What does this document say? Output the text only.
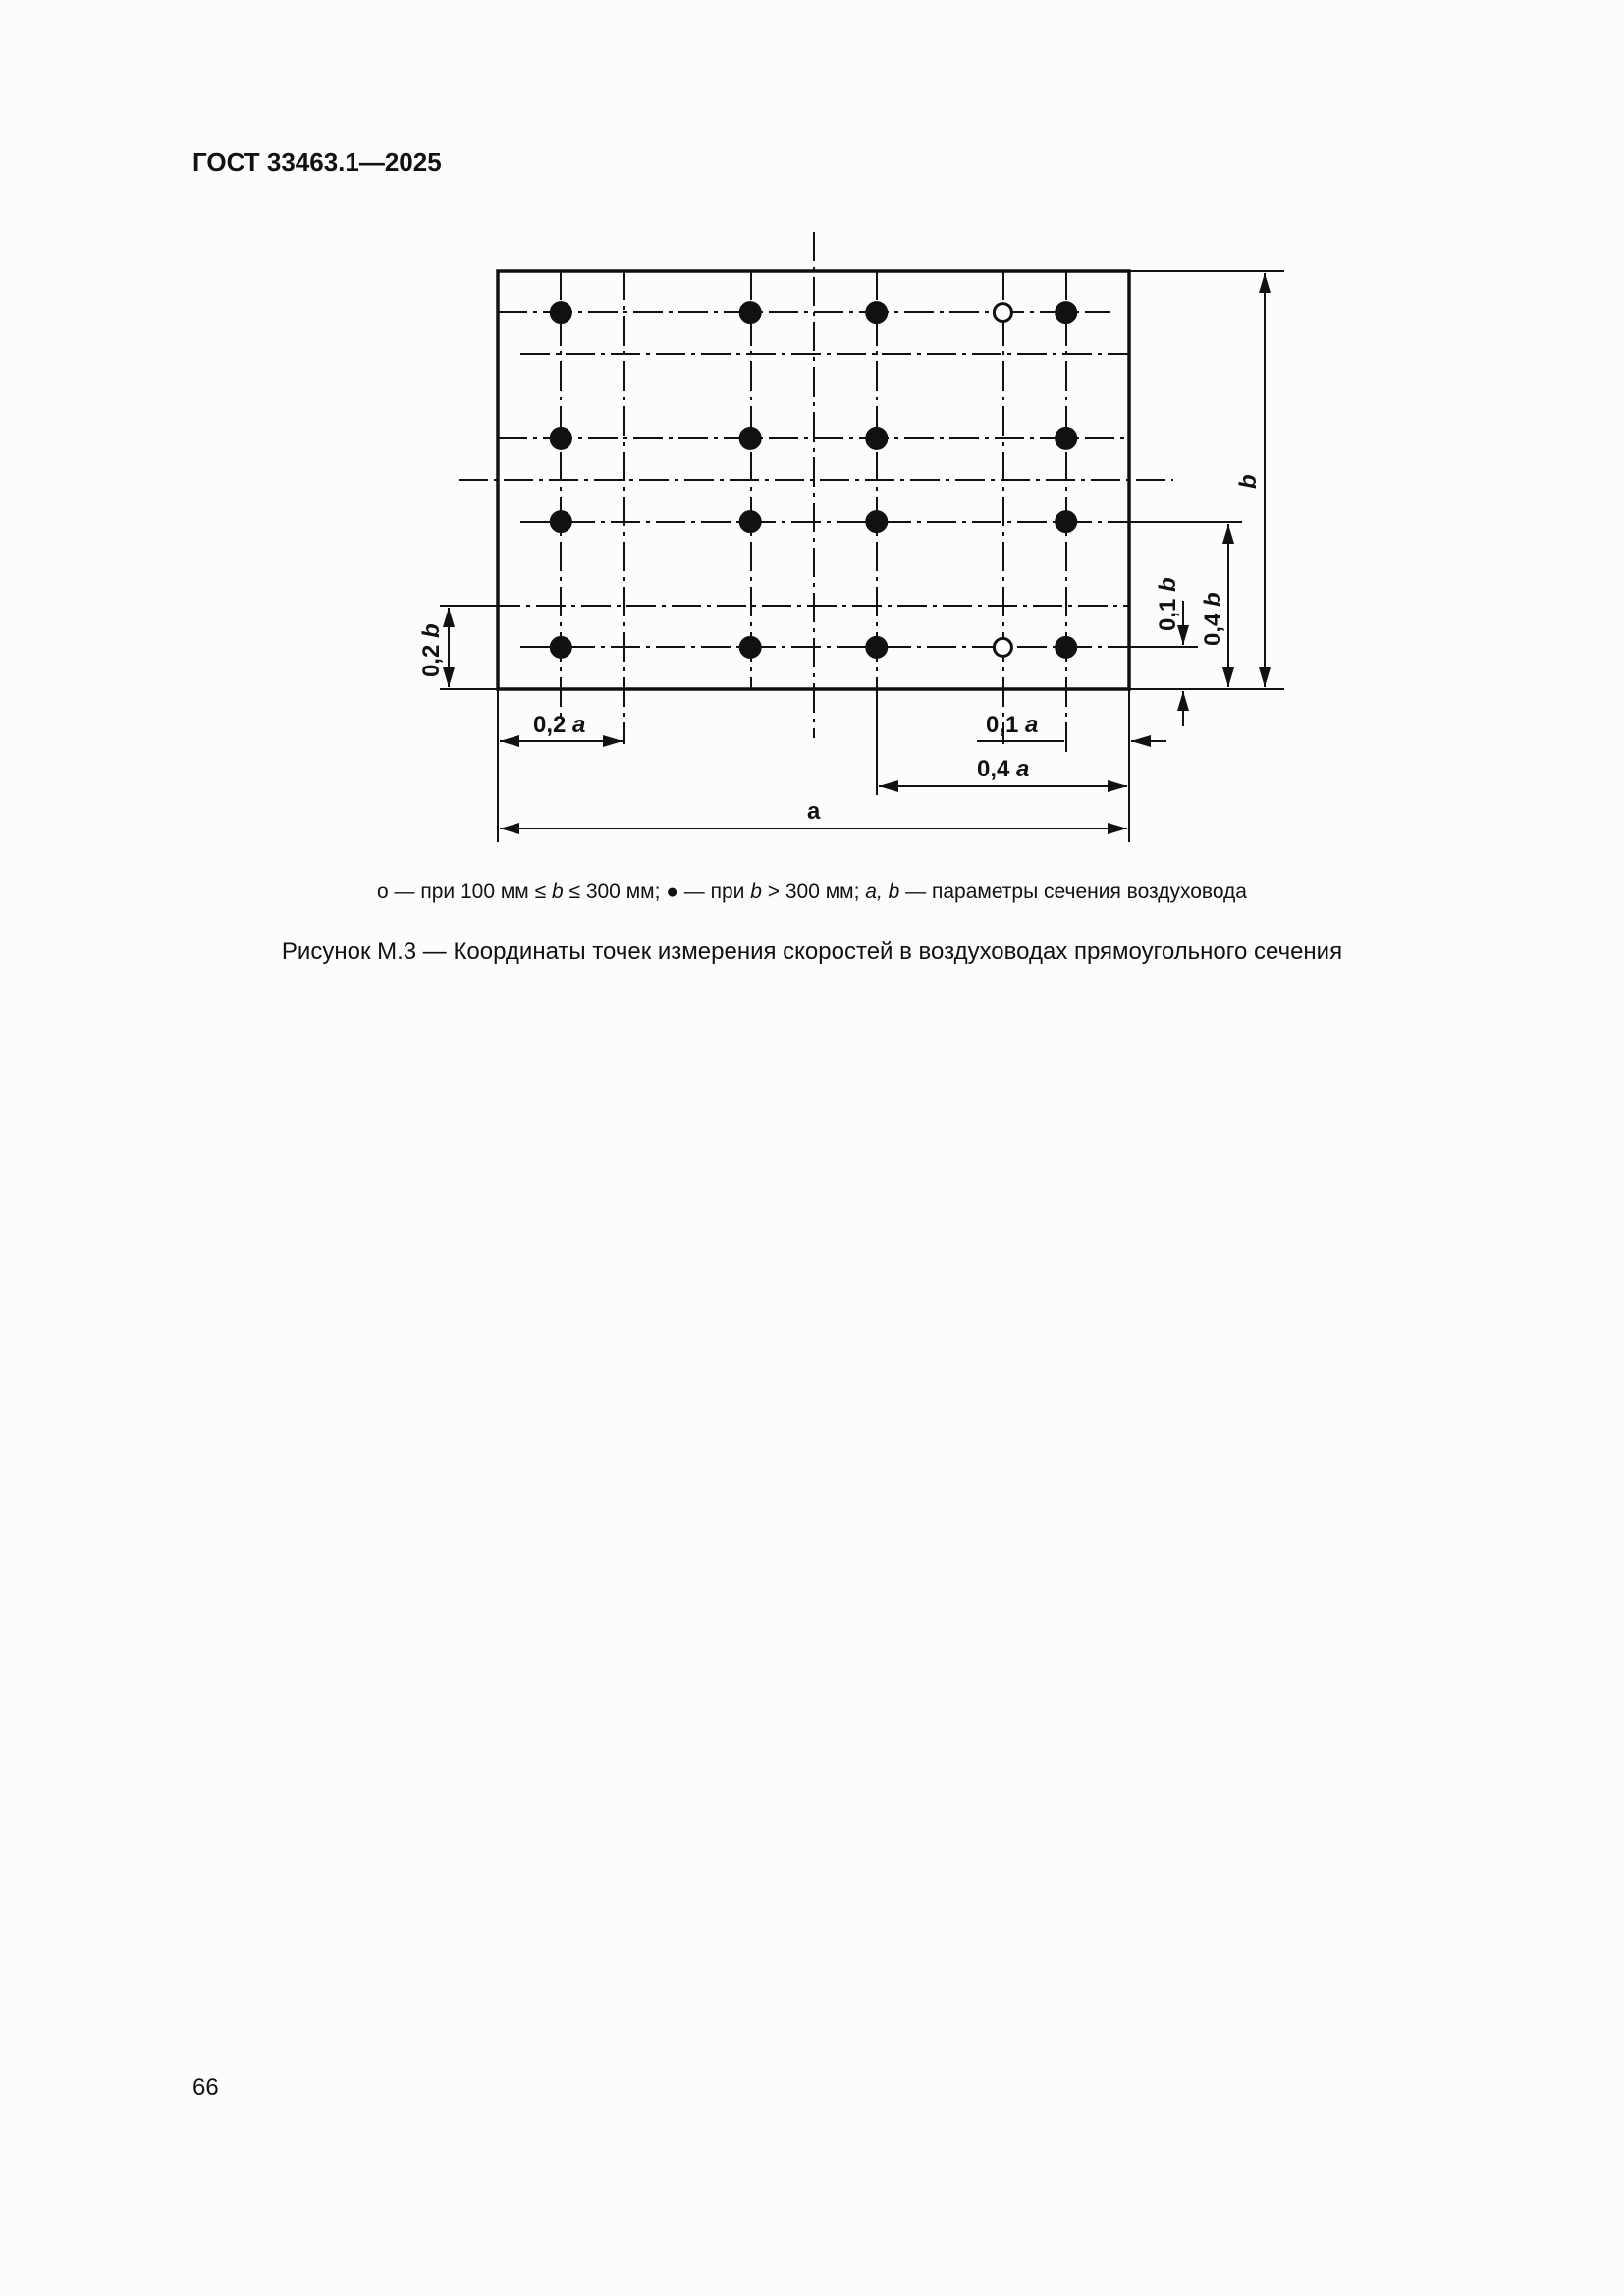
ГОСТ 33463.1—2025
0,2 a	0,1 a
0,4 a
a
b
0,4 b
0,1 b
0,2 b
о — при 100 мм ≤ b ≤ 300 мм; ● — при b > 300 мм; a, b — параметры сечения воздуховода
Рисунок М.3 — Координаты точек измерения скоростей в воздуховодах прямоугольного сечения
66
